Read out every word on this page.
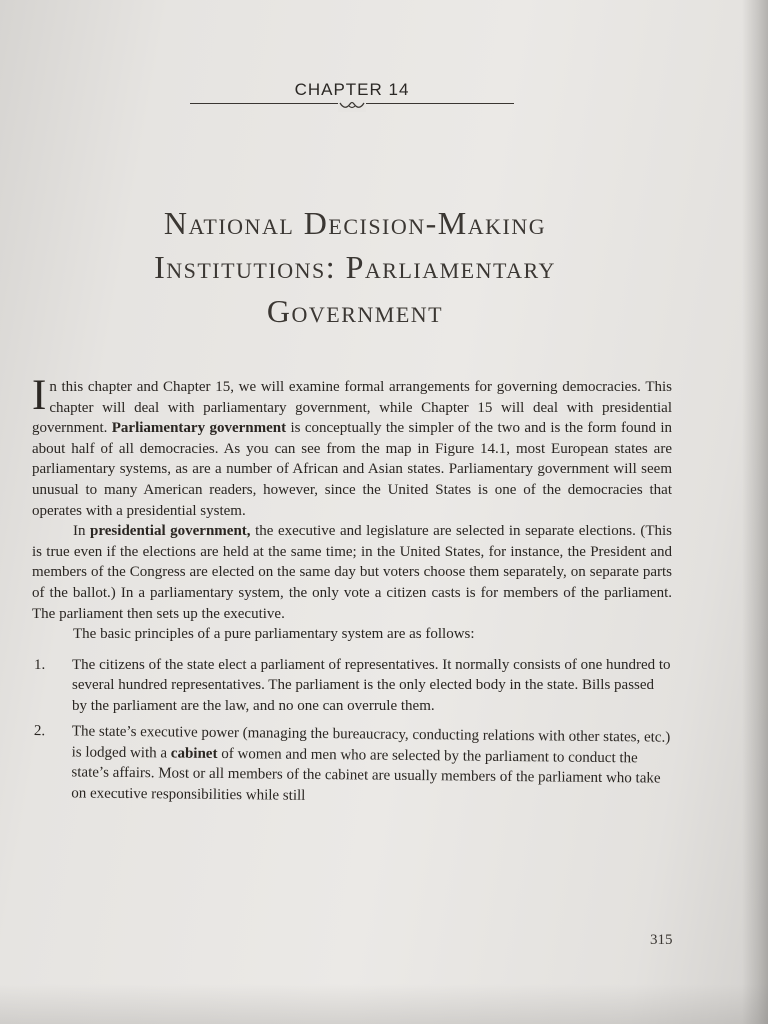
CHAPTER 14
National Decision-Making
Institutions: Parliamentary
Government

In this chapter and Chapter 15, we will examine formal arrangements for governing democracies. This chapter will deal with parliamentary government, while Chapter 15 will deal with presidential government. Parliamentary government is conceptually the simpler of the two and is the form found in about half of all democracies. As you can see from the map in Figure 14.1, most European states are parliamentary systems, as are a number of African and Asian states. Parliamentary government will seem unusual to many American readers, however, since the United States is one of the democracies that operates with a presidential system.

In presidential government, the executive and legislature are selected in separate elections. (This is true even if the elections are held at the same time; in the United States, for instance, the President and members of the Congress are elected on the same day but voters choose them separately, on separate parts of the ballot.) In a parliamentary system, the only vote a citizen casts is for members of the parliament. The parliament then sets up the executive.

The basic principles of a pure parliamentary system are as follows:

1. The citizens of the state elect a parliament of representatives. It normally consists of one hundred to several hundred representatives. The parliament is the only elected body in the state. Bills passed by the parliament are the law, and no one can overrule them.
2. The state’s executive power (managing the bureaucracy, conducting relations with other states, etc.) is lodged with a cabinet of women and men who are selected by the parliament to conduct the state’s affairs. Most or all members of the cabinet are usually members of the parliament who take on executive responsibilities while still
315
